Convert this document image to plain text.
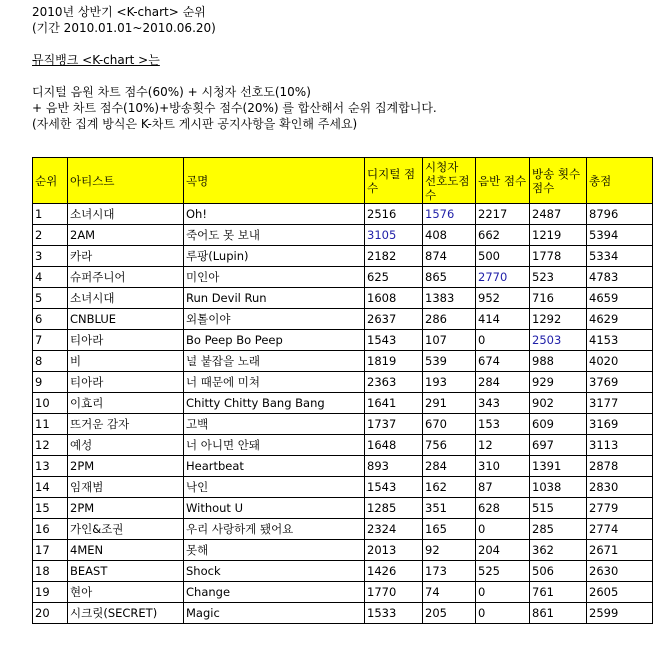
2010년 상반기 <K-chart> 순위
(기간 2010.01.01~2010.06.20)
뮤직뱅크 <K-chart >는
디지털 음원 차트 점수(60%) + 시청자 선호도(10%)
+ 음반 차트 점수(10%)+방송횟수 점수(20%) 를 합산해서 순위 집계합니다.
(자세한 집계 방식은 K-차트 게시판 공지사항을 확인해 주세요)
순위	아티스트	곡명	디지털 점수	시청자 선호도점수	음반 점수	방송 횟수 점수	총점
1	소녀시대	Oh!	2516	1576	2217	2487	8796
2	2AM	죽어도 못 보내	3105	408	662	1219	5394
3	카라	루팡(Lupin)	2182	874	500	1778	5334
4	슈퍼주니어	미인아	625	865	2770	523	4783
5	소녀시대	Run Devil Run	1608	1383	952	716	4659
6	CNBLUE	외톨이야	2637	286	414	1292	4629
7	티아라	Bo Peep Bo Peep	1543	107	0	2503	4153
8	비	널 붙잡을 노래	1819	539	674	988	4020
9	티아라	너 때문에 미쳐	2363	193	284	929	3769
10	이효리	Chitty Chitty Bang Bang	1641	291	343	902	3177
11	뜨거운 감자	고백	1737	670	153	609	3169
12	예성	너 아니면 안돼	1648	756	12	697	3113
13	2PM	Heartbeat	893	284	310	1391	2878
14	임재범	낙인	1543	162	87	1038	2830
15	2PM	Without U	1285	351	628	515	2779
16	가인&조권	우리 사랑하게 됐어요	2324	165	0	285	2774
17	4MEN	못해	2013	92	204	362	2671
18	BEAST	Shock	1426	173	525	506	2630
19	현아	Change	1770	74	0	761	2605
20	시크릿(SECRET)	Magic	1533	205	0	861	2599
